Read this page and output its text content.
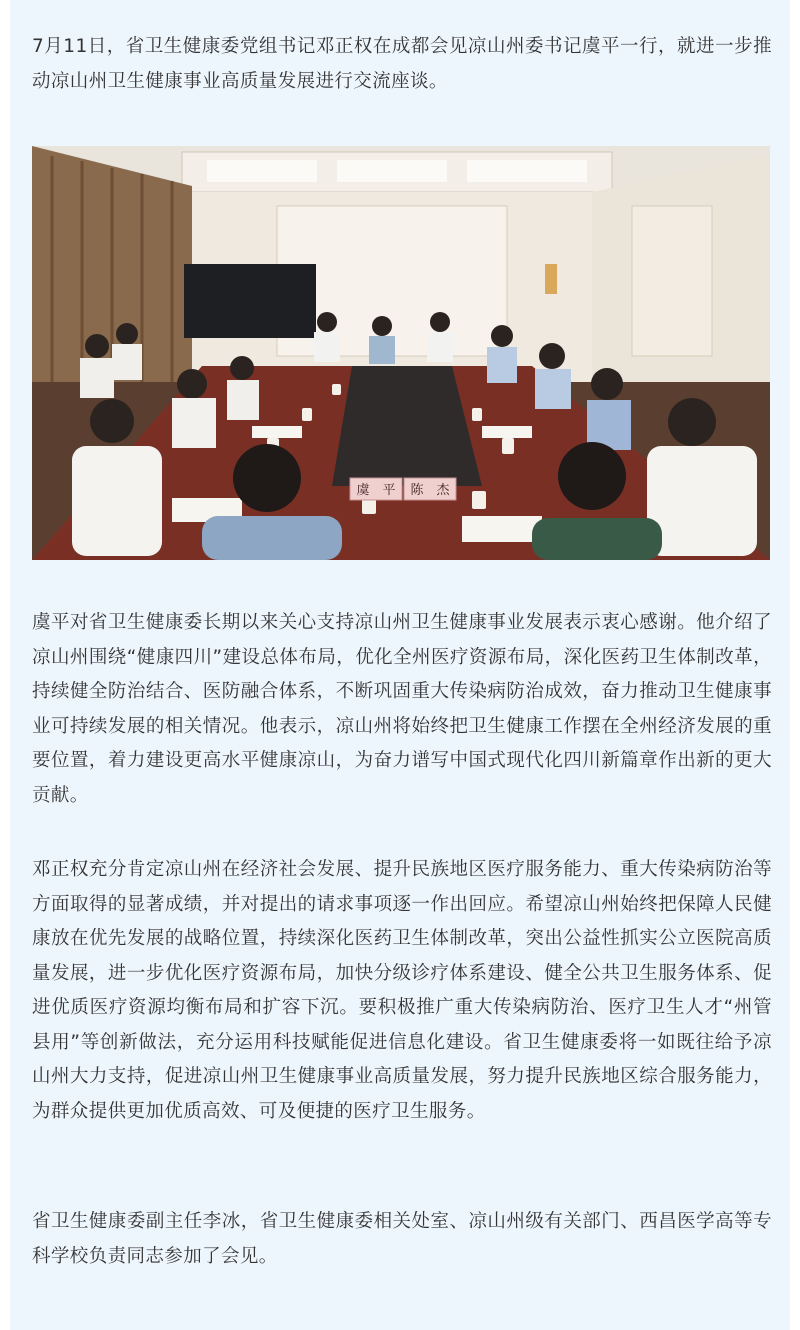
7月11日，省卫生健康委党组书记邓正权在成都会见凉山州委书记虞平一行，就进一步推动凉山州卫生健康事业高质量发展进行交流座谈。

虞　平 陈　杰

虞平对省卫生健康委长期以来关心支持凉山州卫生健康事业发展表示衷心感谢。他介绍了凉山州围绕“健康四川”建设总体布局，优化全州医疗资源布局，深化医药卫生体制改革，持续健全防治结合、医防融合体系，不断巩固重大传染病防治成效，奋力推动卫生健康事业可持续发展的相关情况。他表示，凉山州将始终把卫生健康工作摆在全州经济发展的重要位置，着力建设更高水平健康凉山，为奋力谱写中国式现代化四川新篇章作出新的更大贡献。

邓正权充分肯定凉山州在经济社会发展、提升民族地区医疗服务能力、重大传染病防治等方面取得的显著成绩，并对提出的请求事项逐一作出回应。希望凉山州始终把保障人民健康放在优先发展的战略位置，持续深化医药卫生体制改革，突出公益性抓实公立医院高质量发展，进一步优化医疗资源布局，加快分级诊疗体系建设、健全公共卫生服务体系、促进优质医疗资源均衡布局和扩容下沉。要积极推广重大传染病防治、医疗卫生人才“州管县用”等创新做法，充分运用科技赋能促进信息化建设。省卫生健康委将一如既往给予凉山州大力支持，促进凉山州卫生健康事业高质量发展，努力提升民族地区综合服务能力，为群众提供更加优质高效、可及便捷的医疗卫生服务。

省卫生健康委副主任李冰，省卫生健康委相关处室、凉山州级有关部门、西昌医学高等专科学校负责同志参加了会见。
